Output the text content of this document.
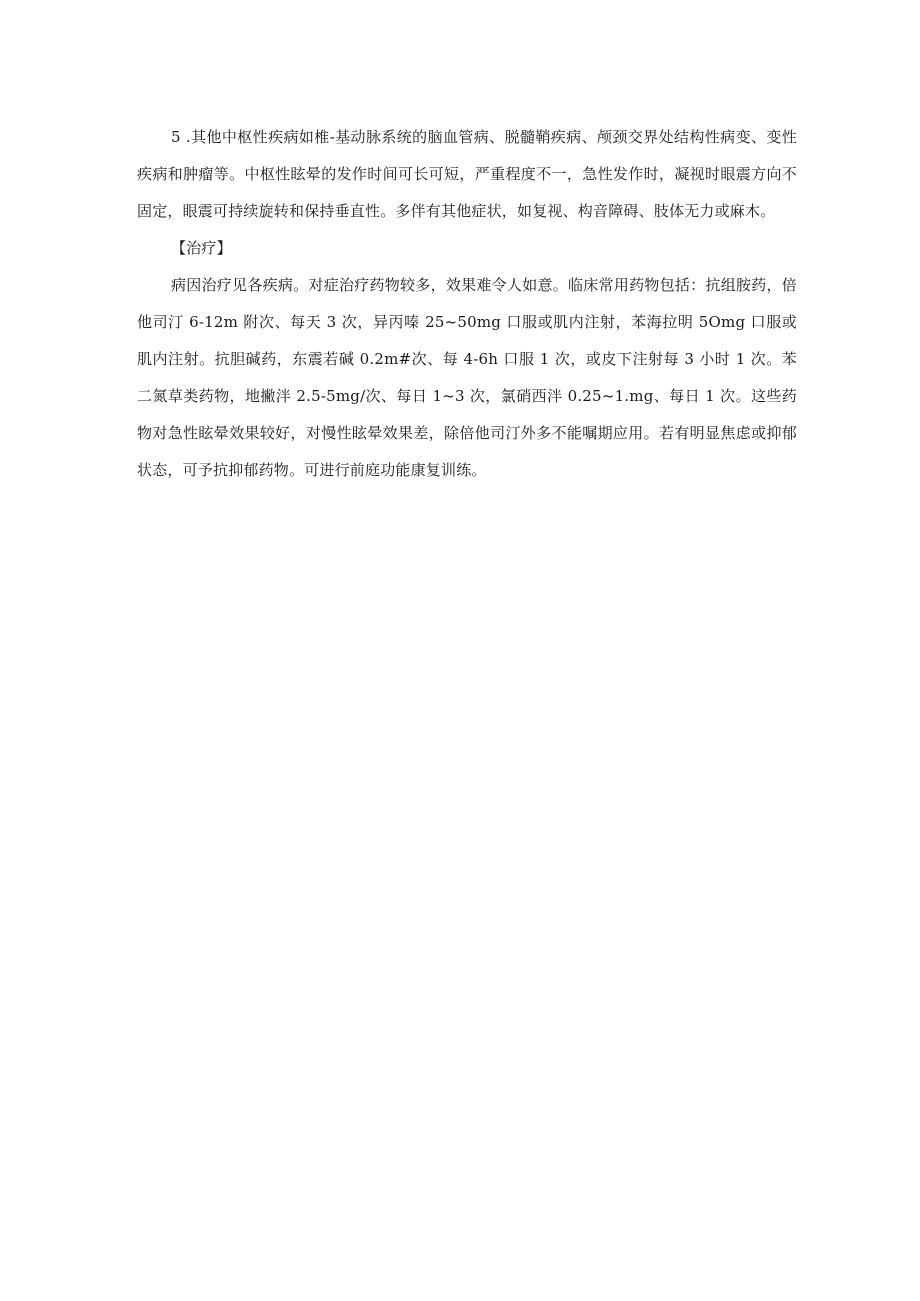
5 .其他中枢性疾病如椎-基动脉系统的脑血管病、脱髓鞘疾病、颅颈交界处结构性病变、变性疾病和肿瘤等。中枢性眩晕的发作时间可长可短，严重程度不一，急性发作时，凝视时眼震方向不固定，眼震可持续旋转和保持垂直性。多伴有其他症状，如复视、构音障碍、肢体无力或麻木。

【治疗】

病因治疗见各疾病。对症治疗药物较多，效果难令人如意。临床常用药物包括：抗组胺药，倍他司汀 6-12m 附次、每天 3 次，异丙嗪 25~50mg 口服或肌内注射，苯海拉明 5Omg 口服或肌内注射。抗胆碱药，东震若碱 0.2m#次、每 4-6h 口服 1 次，或皮下注射每 3 小时 1 次。苯二氮草类药物，地撇泮 2.5-5mg/次、每日 1~3 次，氯硝西泮 0.25~1.mg、每日 1 次。这些药物对急性眩晕效果较好，对慢性眩晕效果差，除倍他司汀外多不能嘱期应用。若有明显焦虑或抑郁状态，可予抗抑郁药物。可进行前庭功能康复训练。
